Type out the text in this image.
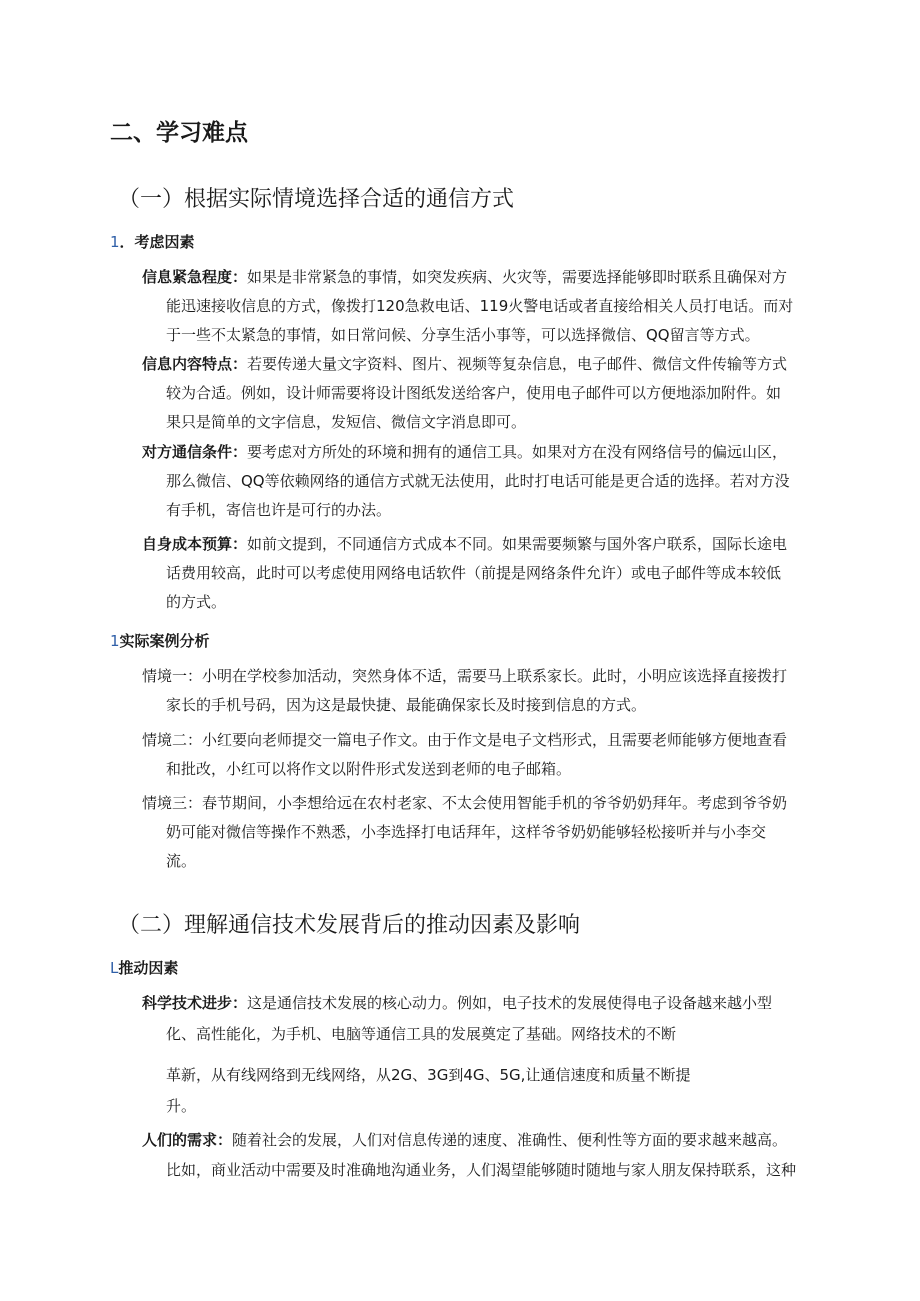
二、学习难点
（一）根据实际情境选择合适的通信方式
1．考虑因素

信息紧急程度：如果是非常紧急的事情，如突发疾病、火灾等，需要选择能够即时联系且确保对方
能迅速接收信息的方式，像拨打120急救电话、119火警电话或者直接给相关人员打电话。而对
于一些不太紧急的事情，如日常问候、分享生活小事等，可以选择微信、QQ留言等方式。

信息内容特点：若要传递大量文字资料、图片、视频等复杂信息，电子邮件、微信文件传输等方式
较为合适。例如，设计师需要将设计图纸发送给客户，使用电子邮件可以方便地添加附件。如
果只是简单的文字信息，发短信、微信文字消息即可。

对方通信条件：要考虑对方所处的环境和拥有的通信工具。如果对方在没有网络信号的偏远山区，
那么微信、QQ等依赖网络的通信方式就无法使用，此时打电话可能是更合适的选择。若对方没
有手机，寄信也许是可行的办法。

自身成本预算：如前文提到，不同通信方式成本不同。如果需要频繁与国外客户联系，国际长途电
话费用较高，此时可以考虑使用网络电话软件（前提是网络条件允许）或电子邮件等成本较低
的方式。

1实际案例分析

情境一：小明在学校参加活动，突然身体不适，需要马上联系家长。此时，小明应该选择直接拨打
家长的手机号码，因为这是最快捷、最能确保家长及时接到信息的方式。

情境二：小红要向老师提交一篇电子作文。由于作文是电子文档形式，且需要老师能够方便地查看
和批改，小红可以将作文以附件形式发送到老师的电子邮箱。

情境三：春节期间，小李想给远在农村老家、不太会使用智能手机的爷爷奶奶拜年。考虑到爷爷奶
奶可能对微信等操作不熟悉，小李选择打电话拜年，这样爷爷奶奶能够轻松接听并与小李交
流。

（二）理解通信技术发展背后的推动因素及影响
L推动因素
科学技术进步：这是通信技术发展的核心动力。例如，电子技术的发展使得电子设备越来越小型
化、高性能化，为手机、电脑等通信工具的发展奠定了基础。网络技术的不断
革新，从有线网络到无线网络，从2G、3G到4G、5G,让通信速度和质量不断提
升。
人们的需求：随着社会的发展，人们对信息传递的速度、准确性、便利性等方面的要求越来越高。
比如，商业活动中需要及时准确地沟通业务，人们渴望能够随时随地与家人朋友保持联系，这种
